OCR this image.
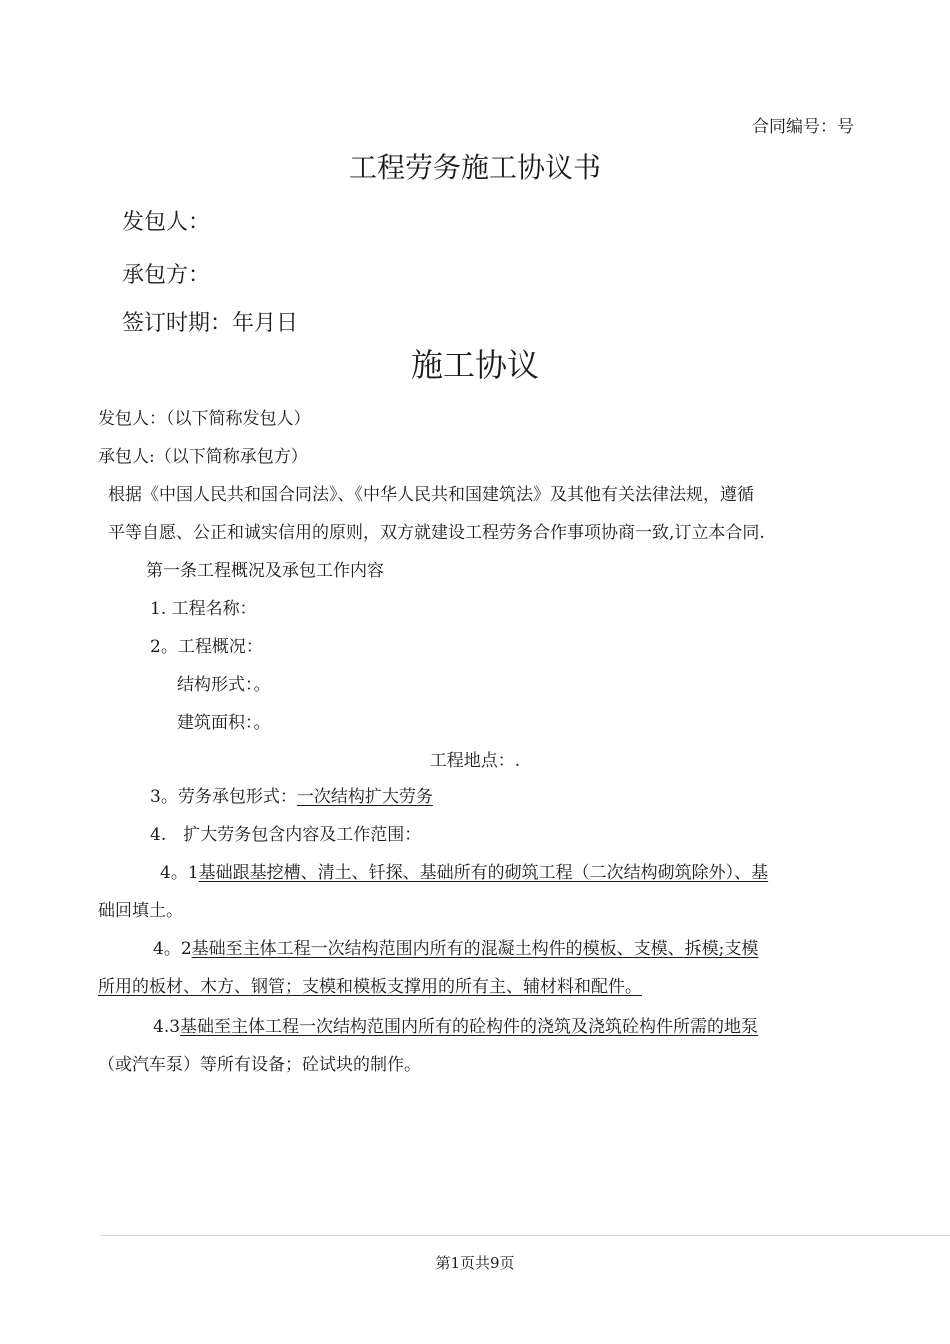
合同编号：号
工程劳务施工协议书
发包人：
承包方：
签订时期：年月日
施工协议
发包人：（以下简称发包人）
承包人:（以下简称承包方）
根据《中国人民共和国合同法》、《中华人民共和国建筑法》及其他有关法律法规，遵循
平等自愿、公正和诚实信用的原则，双方就建设工程劳务合作事项协商一致,订立本合同.
第一条工程概况及承包工作内容
1. 工程名称：
2。工程概况：
结构形式：。
建筑面积：。
工程地点：.
3。劳务承包形式：一次结构扩大劳务
4.　扩大劳务包含内容及工作范围：
4。1基础跟基挖槽、清土、钎探、基础所有的砌筑工程（二次结构砌筑除外）、基
础回填土。
4。2基础至主体工程一次结构范围内所有的混凝土构件的模板、支模、拆模;支模
所用的板材、木方、钢管；支模和模板支撑用的所有主、辅材料和配件。
4.3基础至主体工程一次结构范围内所有的砼构件的浇筑及浇筑砼构件所需的地泵
（或汽车泵）等所有设备；砼试块的制作。
第1页共9页
